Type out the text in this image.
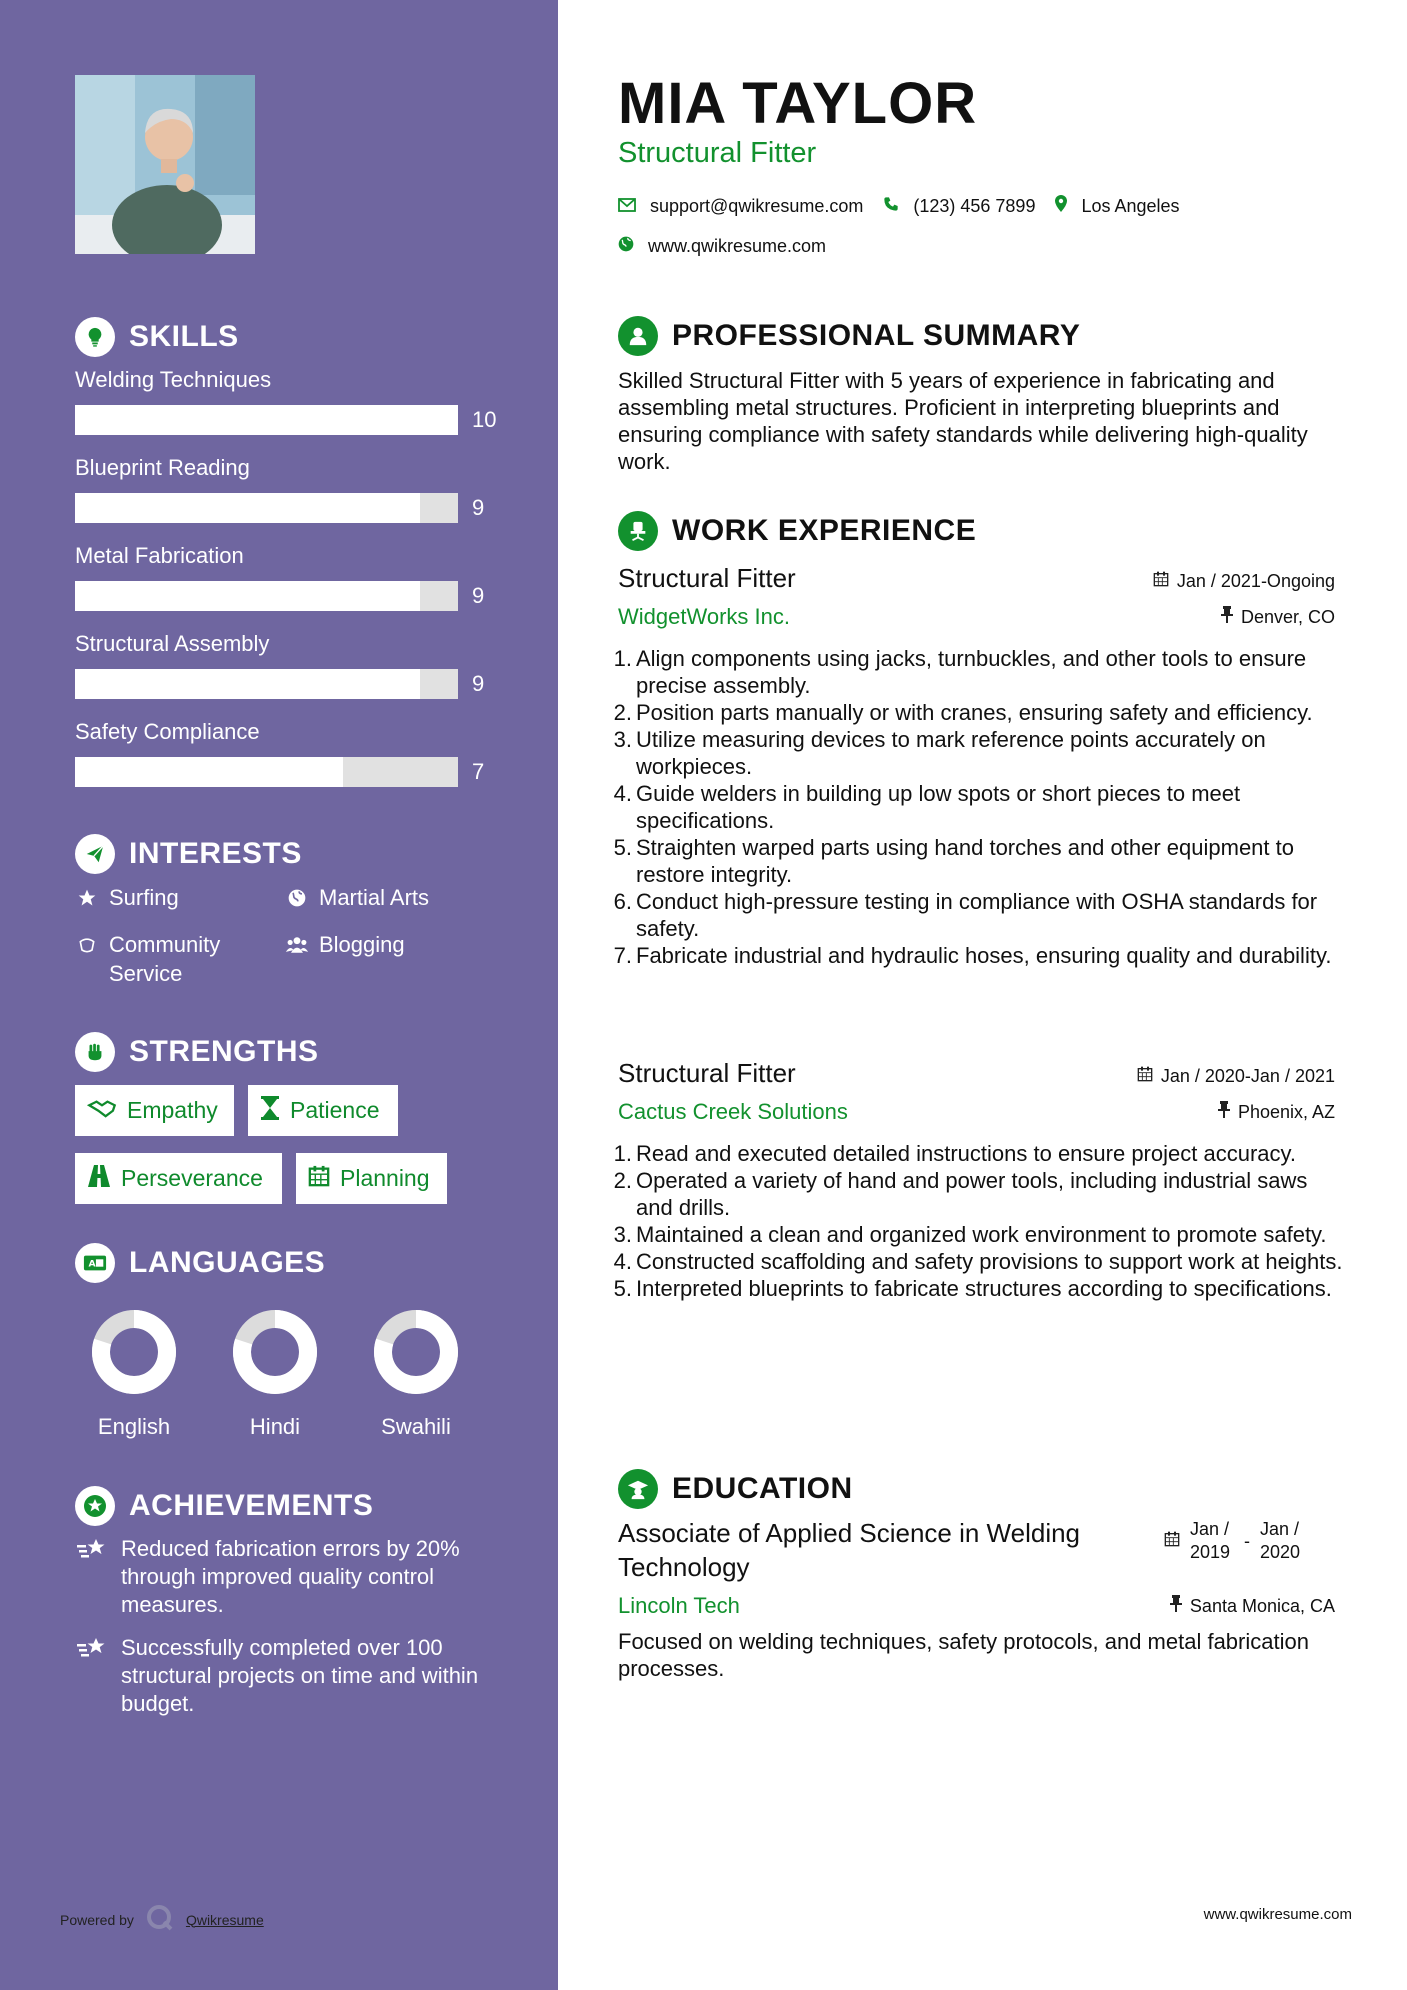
SKILLS
Welding Techniques
10
Blueprint Reading
9
Metal Fabrication
9
Structural Assembly
9
Safety Compliance
7
INTERESTS
Surfing	Martial Arts
Community Service
Blogging
STRENGTHS
Empathy	Patience
Perseverance	Planning
A LANGUAGES
English	Hindi	Swahili
ACHIEVEMENTS
Reduced fabrication errors by 20% through improved quality control measures.
Successfully completed over 100 structural projects on time and within budget.
Powered by	Qwikresume
MIA TAYLOR
Structural Fitter
support@qwikresume.com	(123) 456 7899	Los Angeles
www.qwikresume.com
PROFESSIONAL SUMMARY
Skilled Structural Fitter with 5 years of experience in fabricating and assembling metal structures. Proficient in interpreting blueprints and ensuring compliance with safety standards while delivering high-quality work.
WORK EXPERIENCE
Structural Fitter	Jan / 2021-Ongoing
WidgetWorks Inc.	Denver, CO
1. Align components using jacks, turnbuckles, and other tools to ensure precise assembly.
2. Position parts manually or with cranes, ensuring safety and efficiency.
3. Utilize measuring devices to mark reference points accurately on workpieces.
4. Guide welders in building up low spots or short pieces to meet specifications.
5. Straighten warped parts using hand torches and other equipment to restore integrity.
6. Conduct high-pressure testing in compliance with OSHA standards for safety.
7. Fabricate industrial and hydraulic hoses, ensuring quality and durability.
Structural Fitter	Jan / 2020-Jan / 2021
Cactus Creek Solutions	Phoenix, AZ
1. Read and executed detailed instructions to ensure project accuracy.
2. Operated a variety of hand and power tools, including industrial saws and drills.
3. Maintained a clean and organized work environment to promote safety.
4. Constructed scaffolding and safety provisions to support work at heights.
5. Interpreted blueprints to fabricate structures according to specifications.
EDUCATION
Associate of Applied Science in Welding Technology
Jan / 2019
-
Jan / 2020
Lincoln Tech	Santa Monica, CA
Focused on welding techniques, safety protocols, and metal fabrication processes.
www.qwikresume.com
